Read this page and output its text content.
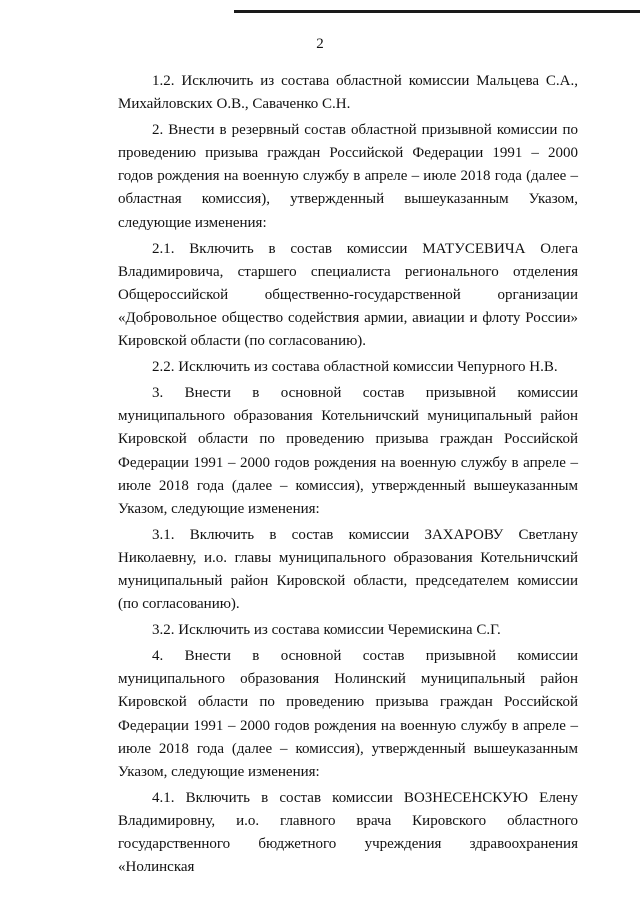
2

1.2. Исключить из состава областной комиссии Мальцева С.А., Михайловских О.В., Саваченко С.Н.

2. Внести в резервный состав областной призывной комиссии по проведению призыва граждан Российской Федерации 1991 – 2000 годов рождения на военную службу в апреле – июле 2018 года (далее – областная комиссия), утвержденный вышеуказанным Указом, следующие изменения:

2.1. Включить в состав комиссии МАТУСЕВИЧА Олега Владимировича, старшего специалиста регионального отделения Общероссийской общественно-государственной организации «Добровольное общество содействия армии, авиации и флоту России» Кировской области (по согласованию).

2.2. Исключить из состава областной комиссии Чепурного Н.В.

3. Внести в основной состав призывной комиссии муниципального образования Котельничский муниципальный район Кировской области по проведению призыва граждан Российской Федерации 1991 – 2000 годов рождения на военную службу в апреле – июле 2018 года (далее – комиссия), утвержденный вышеуказанным Указом, следующие изменения:

3.1. Включить в состав комиссии ЗАХАРОВУ Светлану Николаевну, и.о. главы муниципального образования Котельничский муниципальный район Кировской области, председателем комиссии (по согласованию).

3.2. Исключить из состава комиссии Черемискина С.Г.

4. Внести в основной состав призывной комиссии муниципального образования Нолинский муниципальный район Кировской области по проведению призыва граждан Российской Федерации 1991 – 2000 годов рождения на военную службу в апреле – июле 2018 года (далее – комиссия), утвержденный вышеуказанным Указом, следующие изменения:

4.1. Включить в состав комиссии ВОЗНЕСЕНСКУЮ Елену Владимировну, и.о. главного врача Кировского областного государственного бюджетного учреждения здравоохранения «Нолинская
